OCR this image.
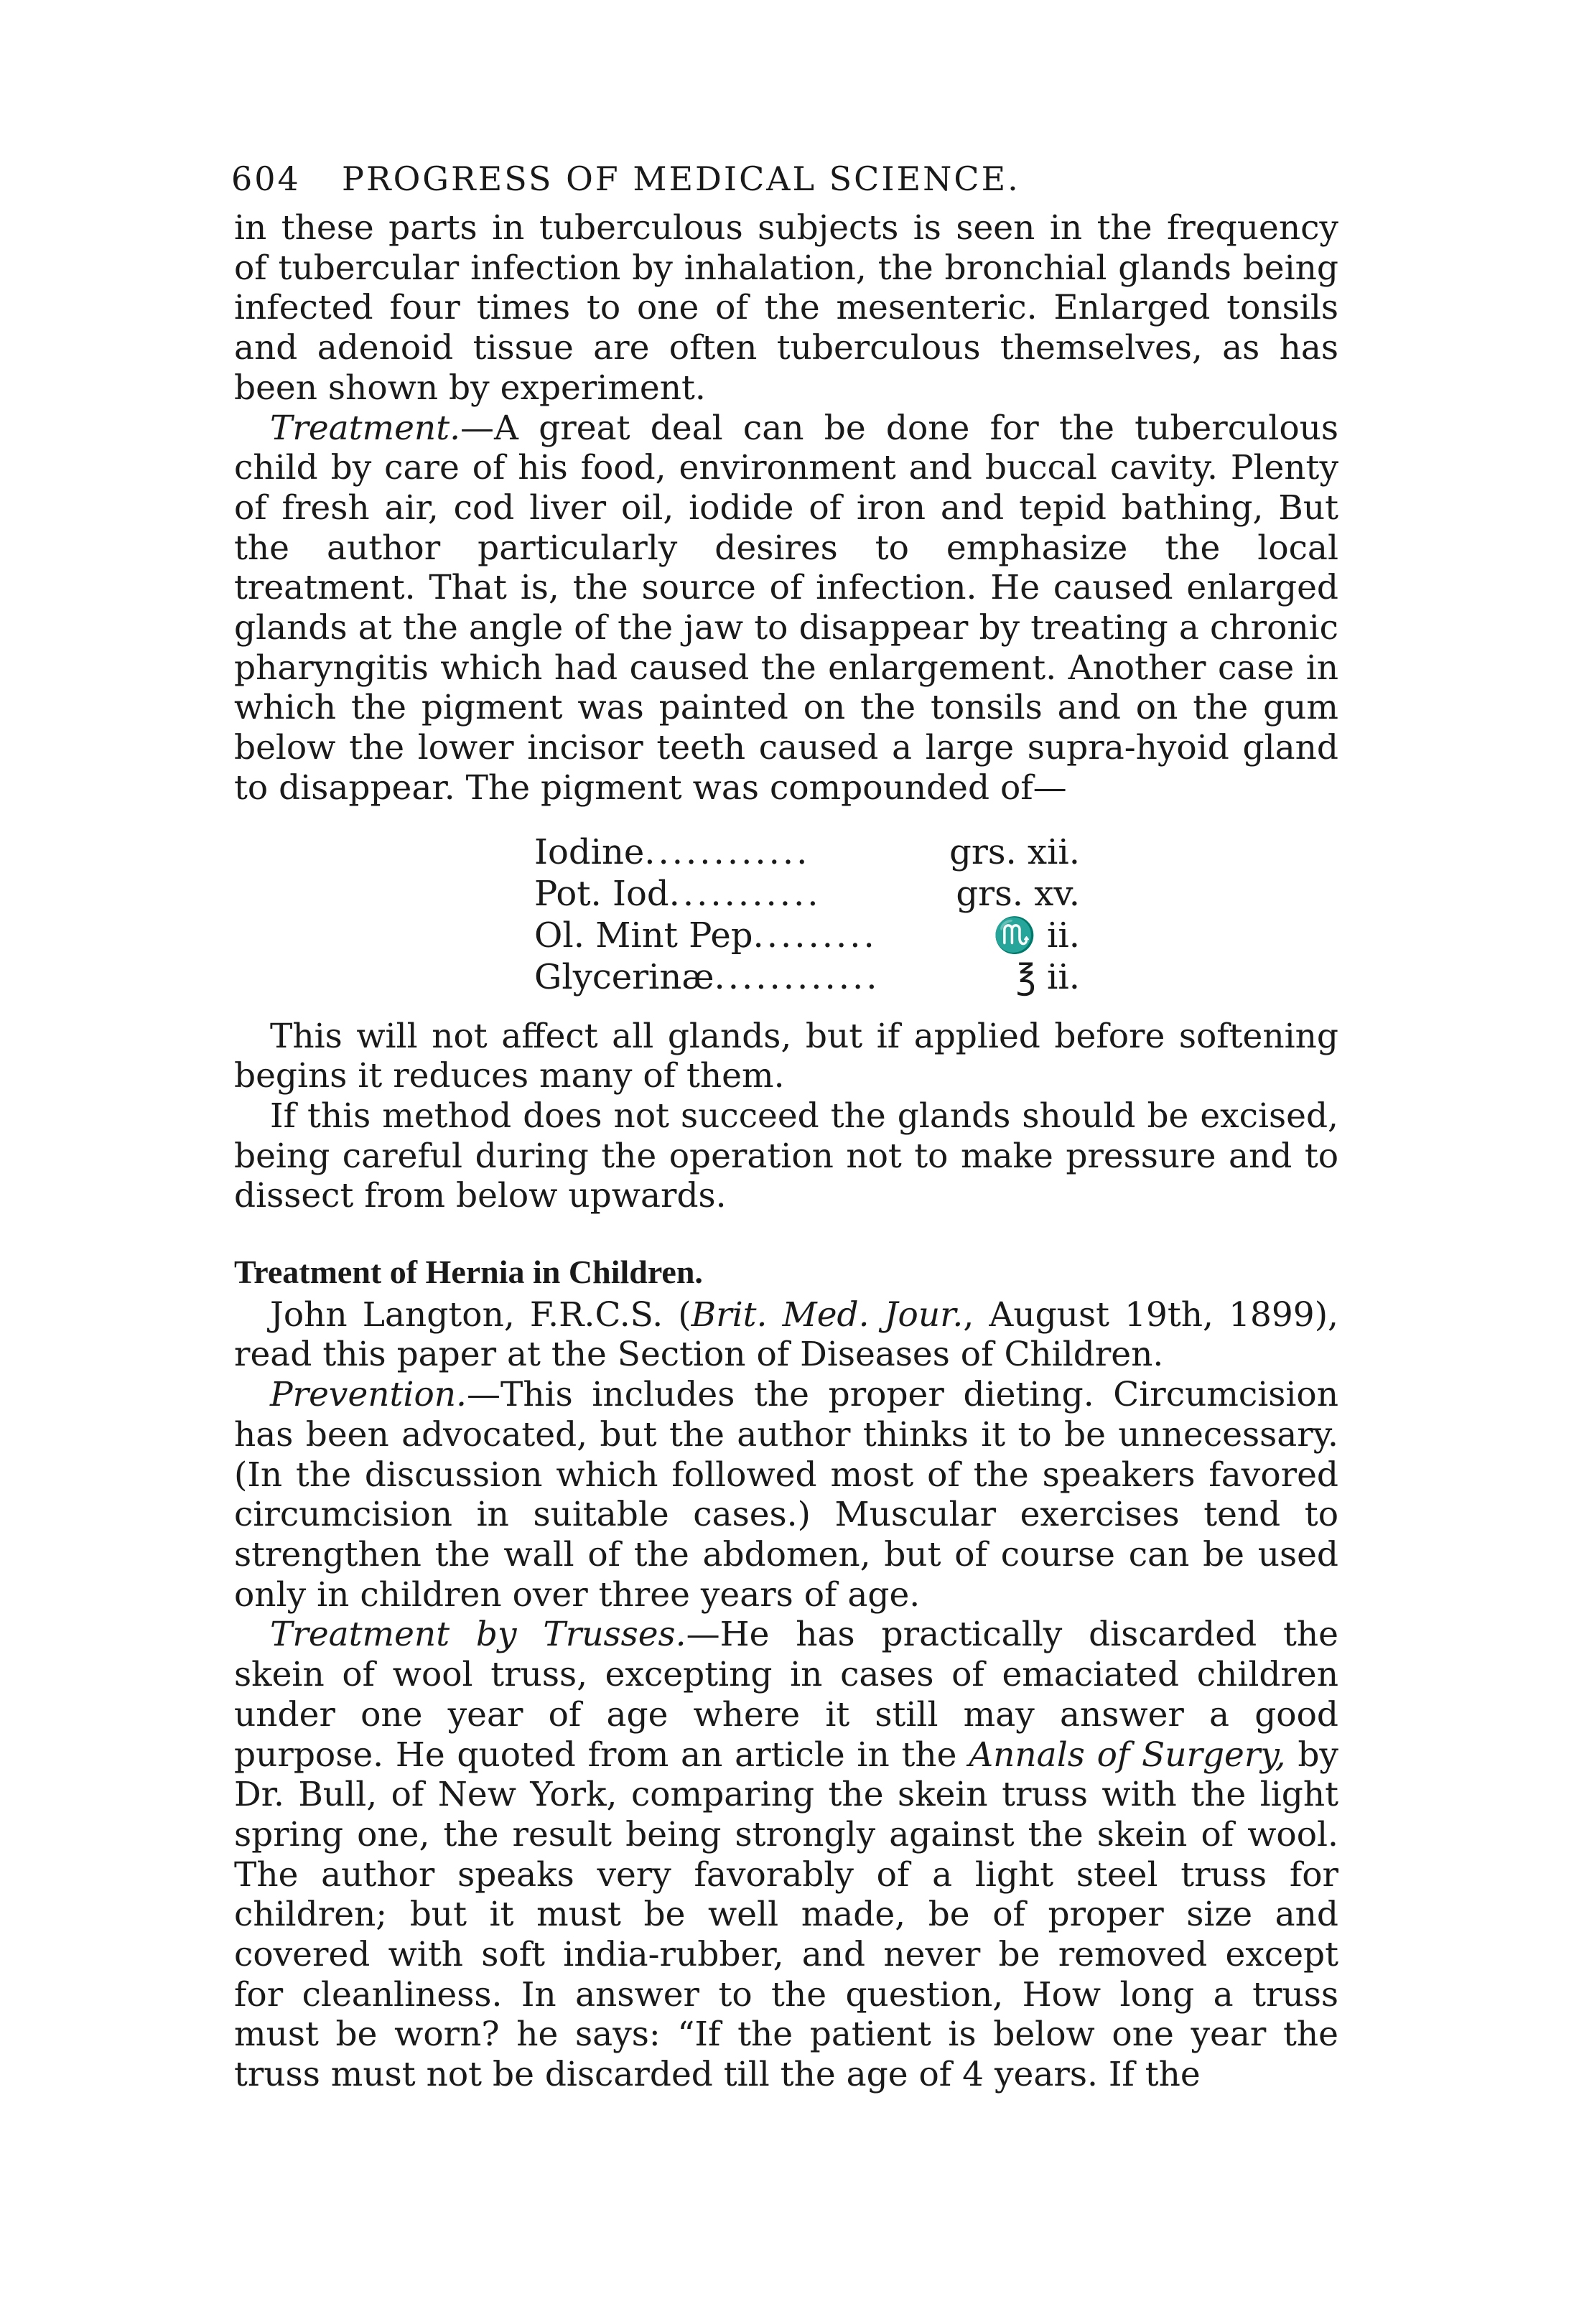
604 PROGRESS OF MEDICAL SCIENCE.

in these parts in tuberculous subjects is seen in the frequency of tubercular infection by inhalation, the bronchial glands being infected four times to one of the mesenteric. Enlarged tonsils and adenoid tissue are often tuberculous themselves, as has been shown by experiment.

Treatment.—A great deal can be done for the tuberculous child by care of his food, environment and buccal cavity. Plenty of fresh air, cod liver oil, iodide of iron and tepid bathing, But the author particularly desires to emphasize the local treatment. That is, the source of infection. He caused enlarged glands at the angle of the jaw to disappear by treating a chronic pharyngitis which had caused the enlargement. Another case in which the pigment was painted on the tonsils and on the gum below the lower incisor teeth caused a large supra-hyoid gland to disappear. The pigment was compounded of—

Iodine ............	grs. xii.
Pot. Iod ...........	grs. xv.
Ol. Mint Pep .........	♏ ii.
Glycerinæ ............	℥ ii.

This will not affect all glands, but if applied before softening begins it reduces many of them.

If this method does not succeed the glands should be excised, being careful during the operation not to make pressure and to dissect from below upwards.

Treatment of Hernia in Children.

John Langton, F.R.C.S. (Brit. Med. Jour., August 19th, 1899), read this paper at the Section of Diseases of Children.

Prevention.—This includes the proper dieting. Circumcision has been advocated, but the author thinks it to be unnecessary. (In the discussion which followed most of the speakers favored circumcision in suitable cases.) Muscular exercises tend to strengthen the wall of the abdomen, but of course can be used only in children over three years of age.

Treatment by Trusses.—He has practically discarded the skein of wool truss, excepting in cases of emaciated children under one year of age where it still may answer a good purpose. He quoted from an article in the Annals of Surgery, by Dr. Bull, of New York, comparing the skein truss with the light spring one, the result being strongly against the skein of wool. The author speaks very favorably of a light steel truss for children; but it must be well made, be of proper size and covered with soft india-rubber, and never be removed except for cleanliness. In answer to the question, How long a truss must be worn? he says: “If the patient is below one year the truss must not be discarded till the age of 4 years. If the
